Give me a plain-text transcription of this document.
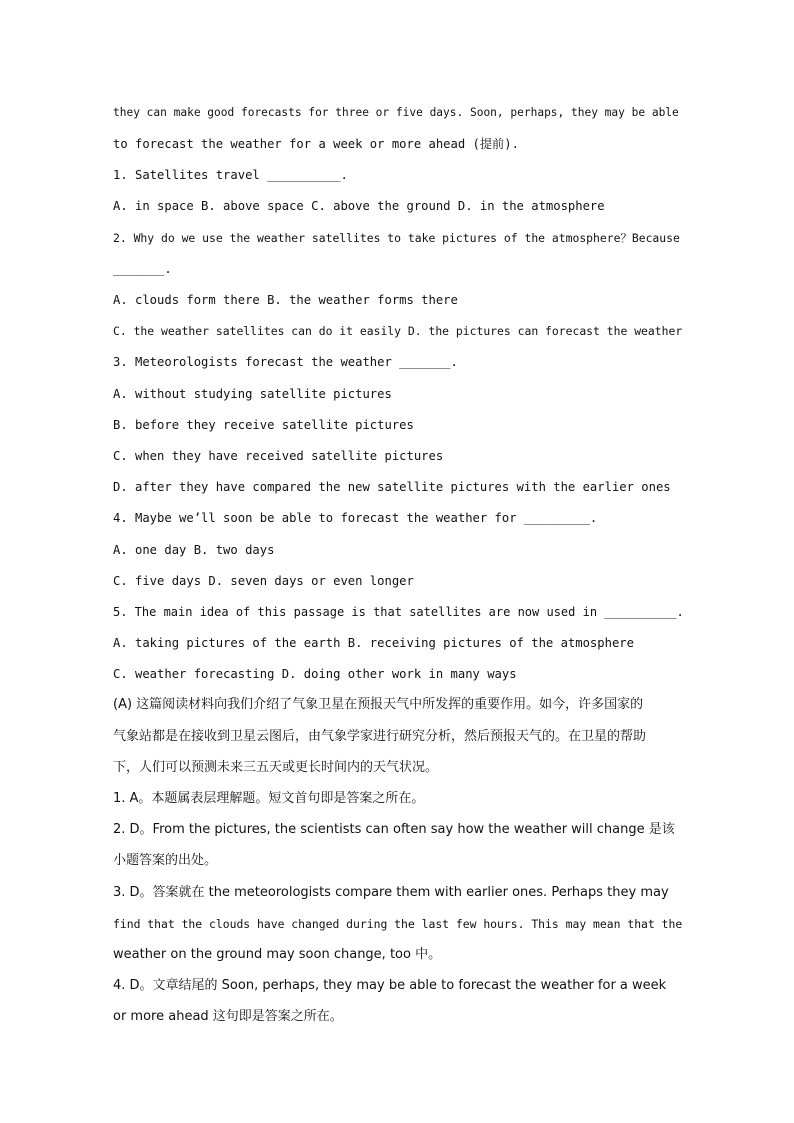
they can make good forecasts for three or five days. Soon, perhaps, they may be able
to forecast the weather for a week or more ahead (提前).
1. Satellites travel __________.
A. in space B. above space C. above the ground D. in the atmosphere
2. Why do we use the weather satellites to take pictures of the atmosphere？Because
_______.
A. clouds form there B. the weather forms there
C. the weather satellites can do it easily D. the pictures can forecast the weather
3. Meteorologists forecast the weather _______.
A. without studying satellite pictures
B. before they receive satellite pictures
C. when they have received satellite pictures
D. after they have compared the new satellite pictures with the earlier ones
4. Maybe we’ll soon be able to forecast the weather for _________.
A. one day B. two days
C. five days D. seven days or even longer
5. The main idea of this passage is that satellites are now used in __________.
A. taking pictures of the earth B. receiving pictures of the atmosphere
C. weather forecasting D. doing other work in many ways
(A) 这篇阅读材料向我们介绍了气象卫星在预报天气中所发挥的重要作用。如今，许多国家的
气象站都是在接收到卫星云图后，由气象学家进行研究分析，然后预报天气的。在卫星的帮助
下，人们可以预测未来三五天或更长时间内的天气状况。
1. A。本题属表层理解题。短文首句即是答案之所在。
2. D。From the pictures, the scientists can often say how the weather will change 是该
小题答案的出处。
3. D。答案就在 the meteorologists compare them with earlier ones. Perhaps they may
find that the clouds have changed during the last few hours. This may mean that the
weather on the ground may soon change, too 中。
4. D。文章结尾的 Soon, perhaps, they may be able to forecast the weather for a week
or more ahead 这句即是答案之所在。
